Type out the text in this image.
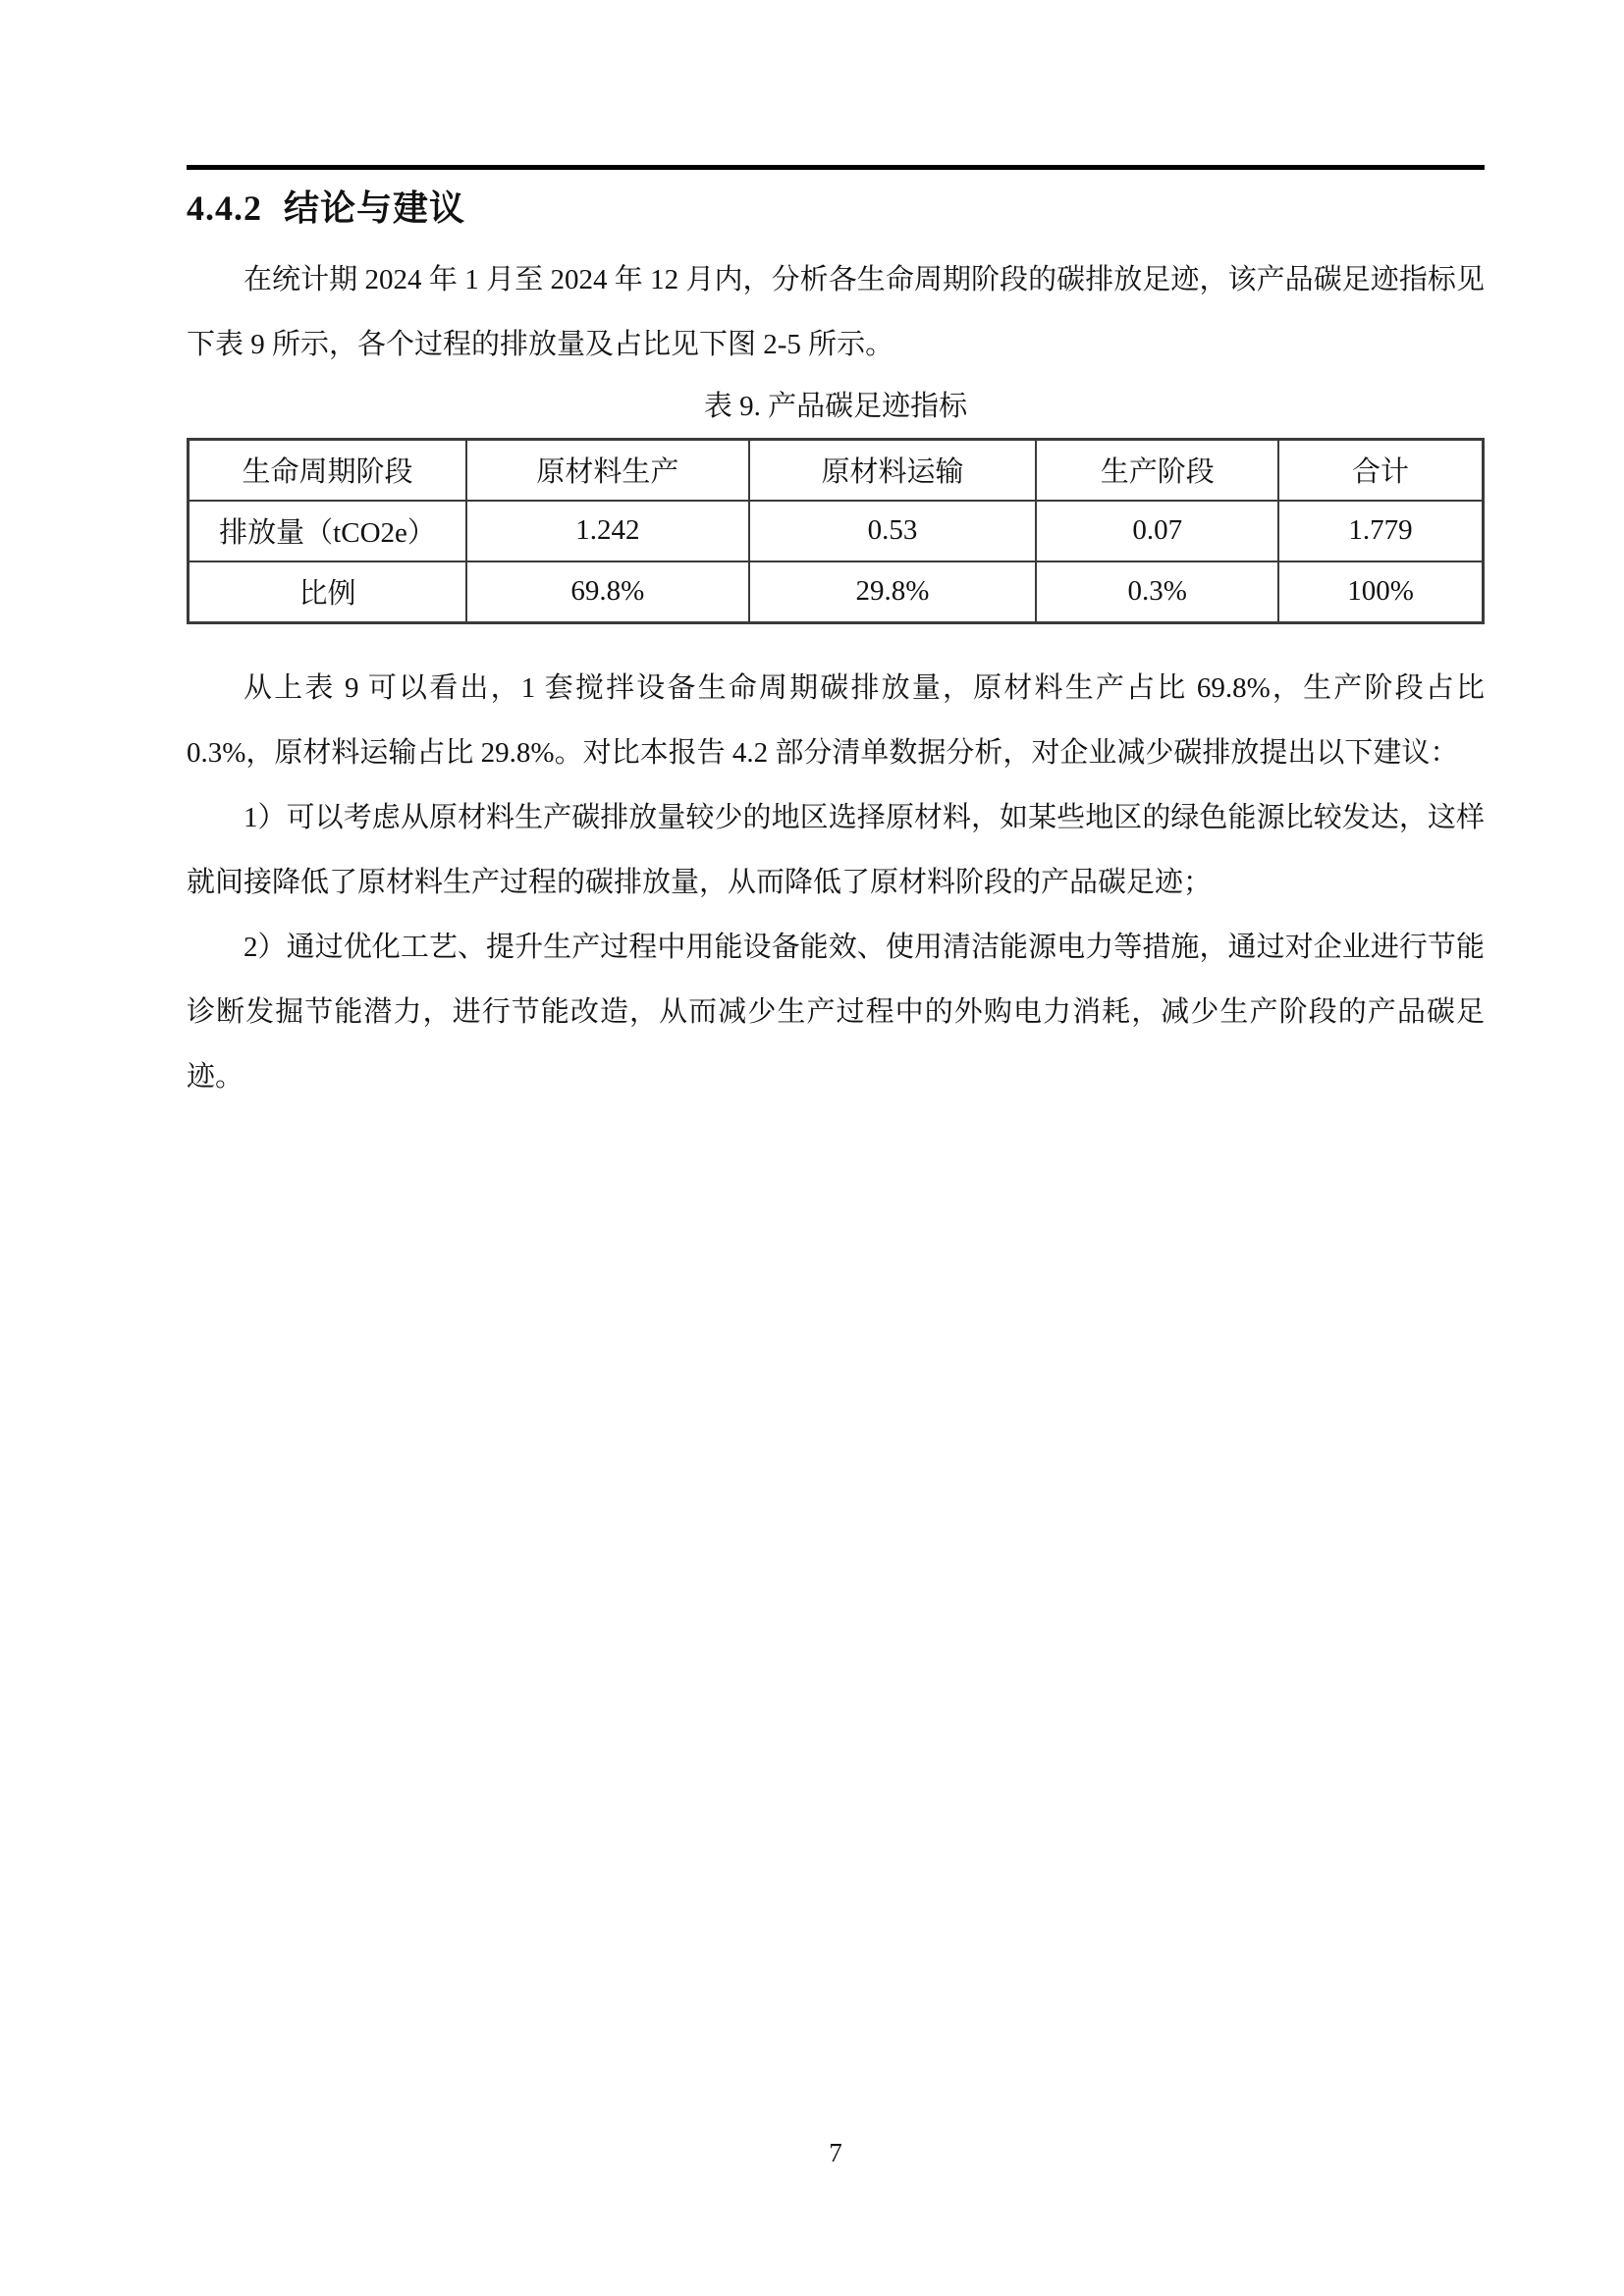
4.4.2 结论与建议

在统计期 2024 年 1 月至 2024 年 12 月内，分析各生命周期阶段的碳排放足迹，该产品碳足迹指标见下表 9 所示，各个过程的排放量及占比见下图 2-5 所示。

表 9. 产品碳足迹指标
生命周期阶段	原材料生产	原材料运输	生产阶段	合计
排放量（tCO2e）	1.242	0.53	0.07	1.779
比例	69.8%	29.8%	0.3%	100%

从上表 9 可以看出，1 套搅拌设备生命周期碳排放量，原材料生产占比 69.8%，生产阶段占比 0.3%，原材料运输占比 29.8%。对比本报告 4.2 部分清单数据分析，对企业减少碳排放提出以下建议：

1）可以考虑从原材料生产碳排放量较少的地区选择原材料，如某些地区的绿色能源比较发达，这样就间接降低了原材料生产过程的碳排放量，从而降低了原材料阶段的产品碳足迹；

2）通过优化工艺、提升生产过程中用能设备能效、使用清洁能源电力等措施，通过对企业进行节能诊断发掘节能潜力，进行节能改造，从而减少生产过程中的外购电力消耗，减少生产阶段的产品碳足迹。

7
